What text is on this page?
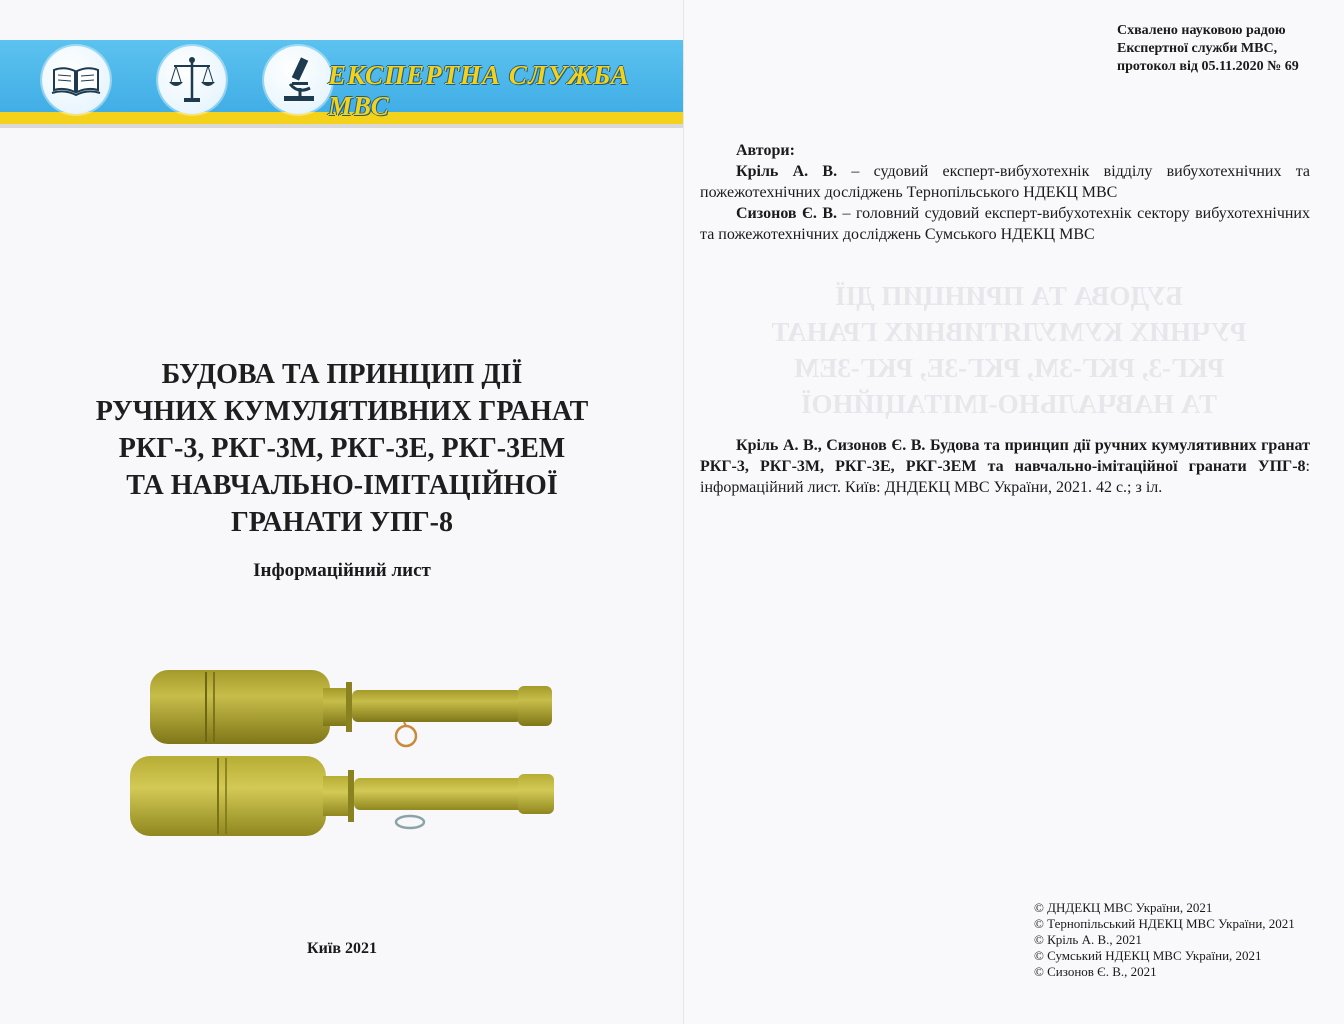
ЕКСПЕРТНА СЛУЖБА МВС
БУДОВА ТА ПРИНЦИП ДІЇ
РУЧНИХ КУМУЛЯТИВНИХ ГРАНАТ
РКГ-3, РКГ-3М, РКГ-3Е, РКГ-3ЕМ
ТА НАВЧАЛЬНО-ІМІТАЦІЙНОЇ
ГРАНАТИ УПГ-8
Інформаційний лист
Київ 2021
БУДОВА ТА ПРИНЦИП ДІЇ
РУЧНИХ КУМУЛЯТИВНИХ ГРАНАТ
РКГ-3, РКГ-3М, РКГ-3Е, РКГ-3ЕМ
ТА НАВЧАЛЬНО-ІМІТАЦІЙНОЇ
Схвалено науковою радою
Експертної служби МВС,
протокол від 05.11.2020 № 69
Автори:

Кріль А. В. – судовий експерт-вибухотехнік відділу вибухотехнічних та пожежотехнічних досліджень Тернопільського НДЕКЦ МВС

Сизонов Є. В. – головний судовий експерт-вибухотехнік сектору вибухотехнічних та пожежотехнічних досліджень Сумського НДЕКЦ МВС

Кріль А. В., Сизонов Є. В. Будова та принцип дії ручних кумулятивних гранат РКГ-3, РКГ-3М, РКГ-3Е, РКГ-3ЕМ та навчально-імітаційної гранати УПГ-8: інформаційний лист. Київ: ДНДЕКЦ МВС України, 2021. 42 с.; з іл.
© ДНДЕКЦ МВС України, 2021
© Тернопільський НДЕКЦ МВС України, 2021
© Кріль А. В., 2021
© Сумський НДЕКЦ МВС України, 2021
© Сизонов Є. В., 2021
